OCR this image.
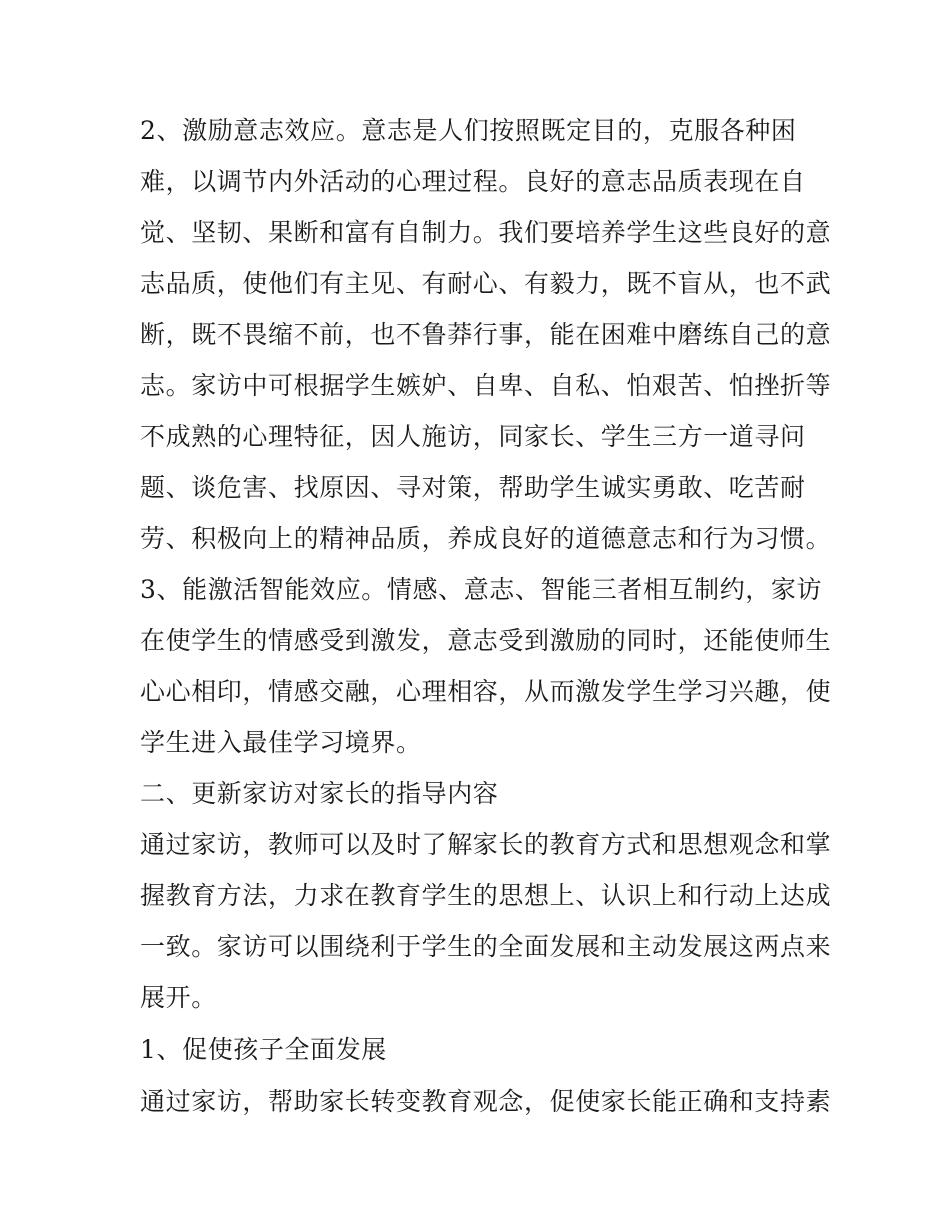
2、激励意志效应。意志是人们按照既定目的，克服各种困
难，以调节内外活动的心理过程。良好的意志品质表现在自
觉、坚韧、果断和富有自制力。我们要培养学生这些良好的意
志品质，使他们有主见、有耐心、有毅力，既不盲从，也不武
断，既不畏缩不前，也不鲁莽行事，能在困难中磨练自己的意
志。家访中可根据学生嫉妒、自卑、自私、怕艰苦、怕挫折等
不成熟的心理特征，因人施访，同家长、学生三方一道寻问
题、谈危害、找原因、寻对策，帮助学生诚实勇敢、吃苦耐
劳、积极向上的精神品质，养成良好的道德意志和行为习惯。
3、能激活智能效应。情感、意志、智能三者相互制约，家访
在使学生的情感受到激发，意志受到激励的同时，还能使师生
心心相印，情感交融，心理相容，从而激发学生学习兴趣，使
学生进入最佳学习境界。
二、更新家访对家长的指导内容
通过家访，教师可以及时了解家长的教育方式和思想观念和掌
握教育方法，力求在教育学生的思想上、认识上和行动上达成
一致。家访可以围绕利于学生的全面发展和主动发展这两点来
展开。
1、促使孩子全面发展
通过家访，帮助家长转变教育观念，促使家长能正确和支持素
